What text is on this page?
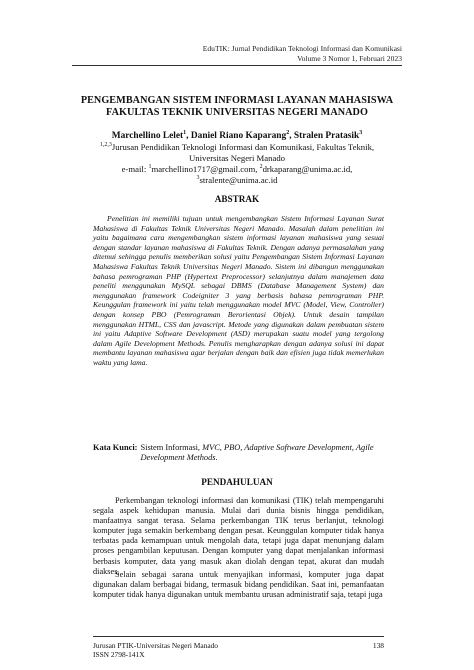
EduTIK: Jurnal Pendidikan Teknologi Informasi dan Komunikasi
Volume 3 Nomor 1, Februari 2023
PENGEMBANGAN SISTEM INFORMASI LAYANAN MAHASISWA
FAKULTAS TEKNIK UNIVERSITAS NEGERI MANADO
Marchellino Lelet$^1$, Daniel Riano Kaparang$^2$, Stralen Pratasik$^3$
$^{1,2,3}$Jurusan Pendidikan Teknologi Informasi dan Komunikasi, Fakultas Teknik,
Universitas Negeri Manado
e-mail: $^1$marchellino1717@gmail.com, $^2$drkaparang@unima.ac.id,
$^3$stralente@unima.ac.id
ABSTRAK

Penelitian ini memiliki tujuan untuk mengembangkan Sistem Informasi Layanan Surat Mahasiswa di Fakultas Teknik Universitas Negeri Manado. Masalah dalam penelitian ini yaitu bagaimana cara mengembangkan sistem informasi layanan mahasiswa yang sesuai dengan standar layanan mahasiswa di Fakultas Teknik. Dengan adanya permasalahan yang ditemui sehingga penulis memberikan solusi yaitu Pengembangan Sistem Informasi Layanan Mahasiswa Fakultas Teknik Universitas Negeri Manado. Sistem ini dibangun menggunakan bahasa pemrograman PHP (Hypertext Preprocessor) selanjutnya dalam manajemen data peneliti menggunakan MySQL sebagai DBMS (Database Management System) dan menggunakan framework Codeigniter 3 yang berbasis bahasa pemrograman PHP. Keunggulan framework ini yaitu telah menggunakan model MVC (Model, View, Controller) dengan konsep PBO (Pemrograman Berorientasi Objek). Untuk desain tampilan menggunakan HTML, CSS dan javascript. Metode yang digunakan dalam pembuatan sistem ini yaitu Adaptive Software Development (ASD) merupakan suatu model yang tergolong dalam Agile Development Methods. Penulis mengharapkan dengan adanya solusi ini dapat membantu layanan mahasiswa agar berjalan dengan baik dan efisien juga tidak memerlukan waktu yang lama.

Kata Kunci: Sistem Informasi, MVC, PBO, Adaptive Software Development, Agile Development Methods.
PENDAHULUAN

Perkembangan teknologi informasi dan komunikasi (TIK) telah mempengaruhi segala aspek kehidupan manusia. Mulai dari dunia bisnis hingga pendidikan, manfaatnya sangat terasa. Selama perkembangan TIK terus berlanjut, teknologi komputer juga semakin berkembang dengan pesat. Keunggulan komputer tidak hanya terbatas pada kemampuan untuk mengolah data, tetapi juga dapat menunjang dalam proses pengambilan keputusan. Dengan komputer yang dapat menjalankan informasi berbasis komputer, data yang masuk akan diolah dengan tepat, akurat dan mudah diakses.

Selain sebagai sarana untuk menyajikan informasi, komputer juga dapat digunakan dalam berbagai bidang, termasuk bidang pendidikan. Saat ini, pemanfaatan komputer tidak hanya digunakan untuk membantu urusan administratif saja, tetapi juga

Jurusan PTIK-Universitas Negeri Manado
ISSN 2798-141X
138
